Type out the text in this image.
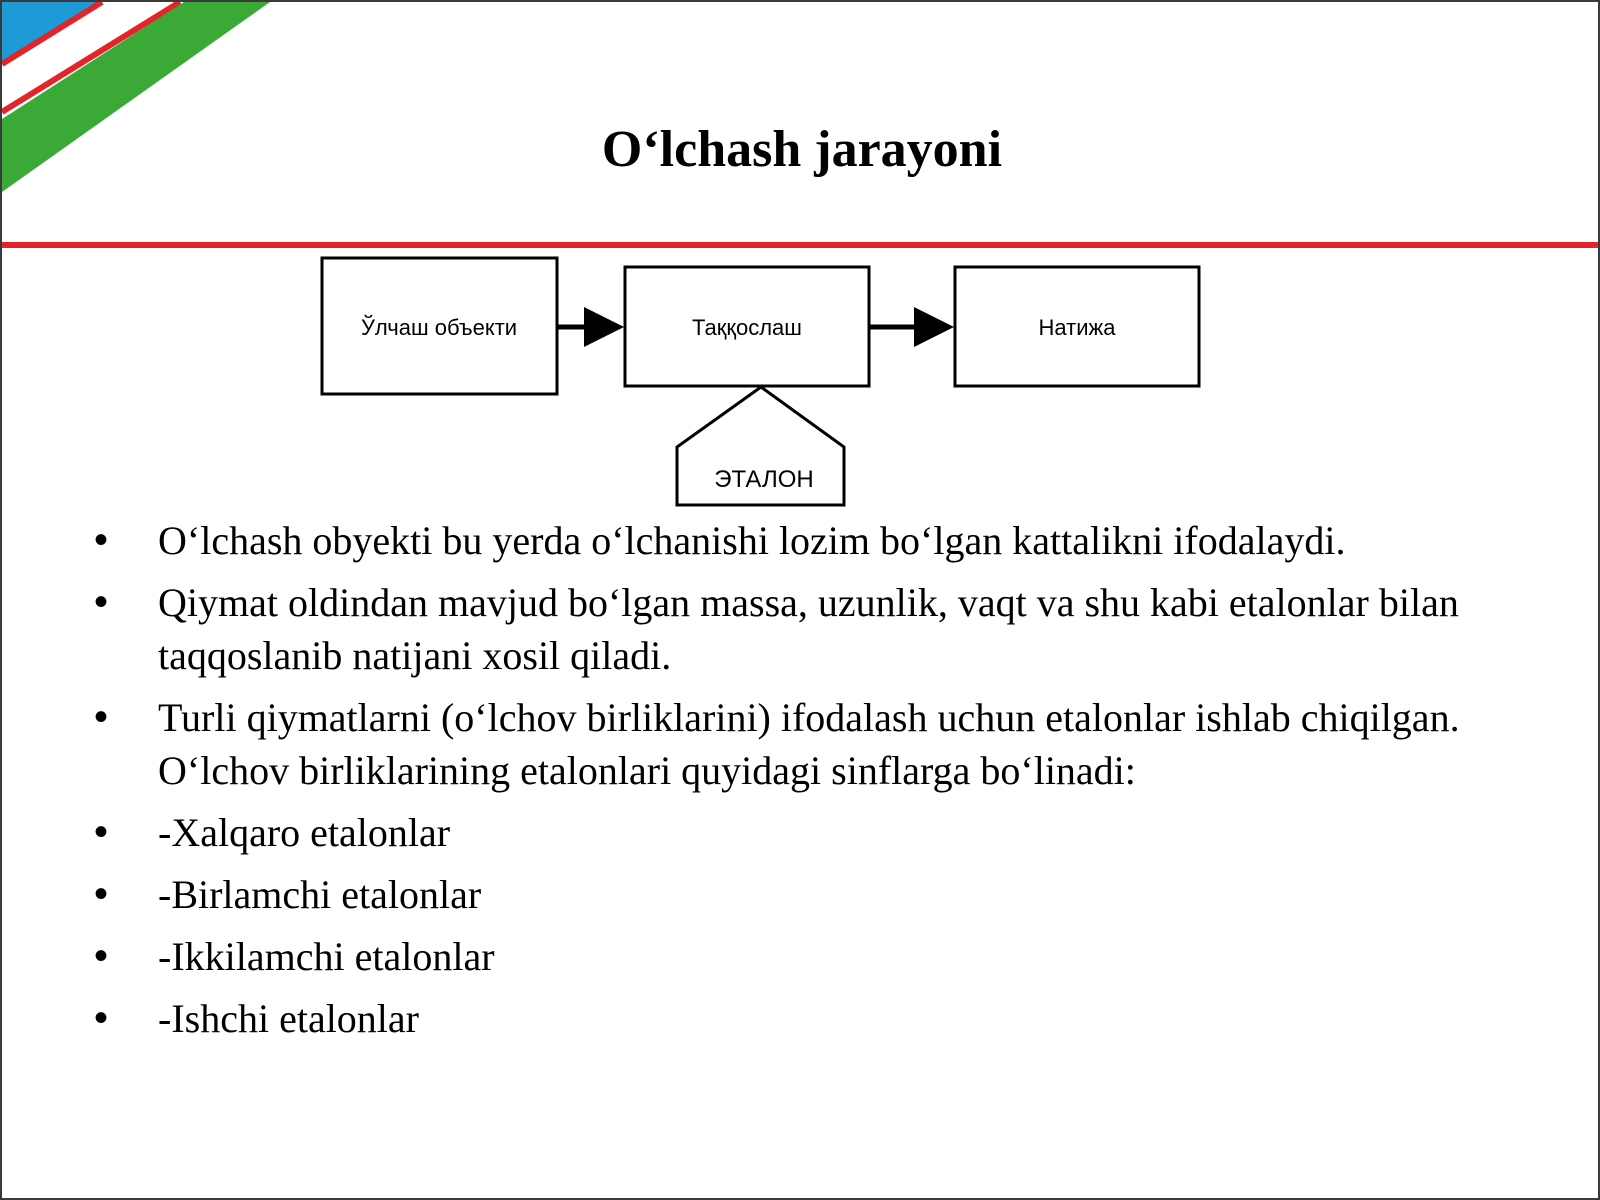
O‘lchash jarayoni
Ўлчаш объекти	Таққослаш	Натижа
ЭТАЛОН
• O‘lchash obyekti bu yerda o‘lchanishi lozim bo‘lgan kattalikni ifodalaydi.
• Qiymat oldindan mavjud bo‘lgan massa, uzunlik, vaqt va shu kabi etalonlar bilan taqqoslanib natijani xosil qiladi.
• Turli qiymatlarni (o‘lchov birliklarini) ifodalash uchun etalonlar ishlab chiqilgan. O‘lchov birliklarining etalonlari quyidagi sinflarga bo‘linadi:
• -Xalqaro etalonlar
• -Birlamchi etalonlar
• -Ikkilamchi etalonlar
• -Ishchi etalonlar
